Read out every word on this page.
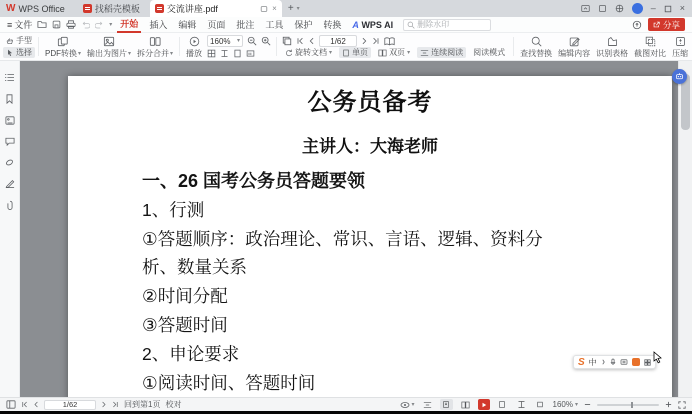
W WPS Office	找稻壳模板	交流讲座.pdf	× + ▾	–	×
≡ 文件	▾ 开始	插入	编辑	页面	批注	工具	保护	转换	A
WPS AI
删除水印	分享
手型
选择 PDF转换 ▾ 输出为图片 ▾ 拆分合并 ▾ 播放
160% ▾
1/62
旋转文档 ▾	单页	双页 ▾	连续阅读 阅读模式 查找替换 编辑内容 识别表格 截图对比 压缩
公务员备考
主讲人：大海老师
一、26 国考公务员答题要领
1、行测
①答题顺序：政治理论、常识、言语、逻辑、资料分
析、数量关系
②时间分配
③答题时间
2、申论要求
①阅读时间、答题时间
1/62
回到第1页 校对	▾	160% ▾
S 中
